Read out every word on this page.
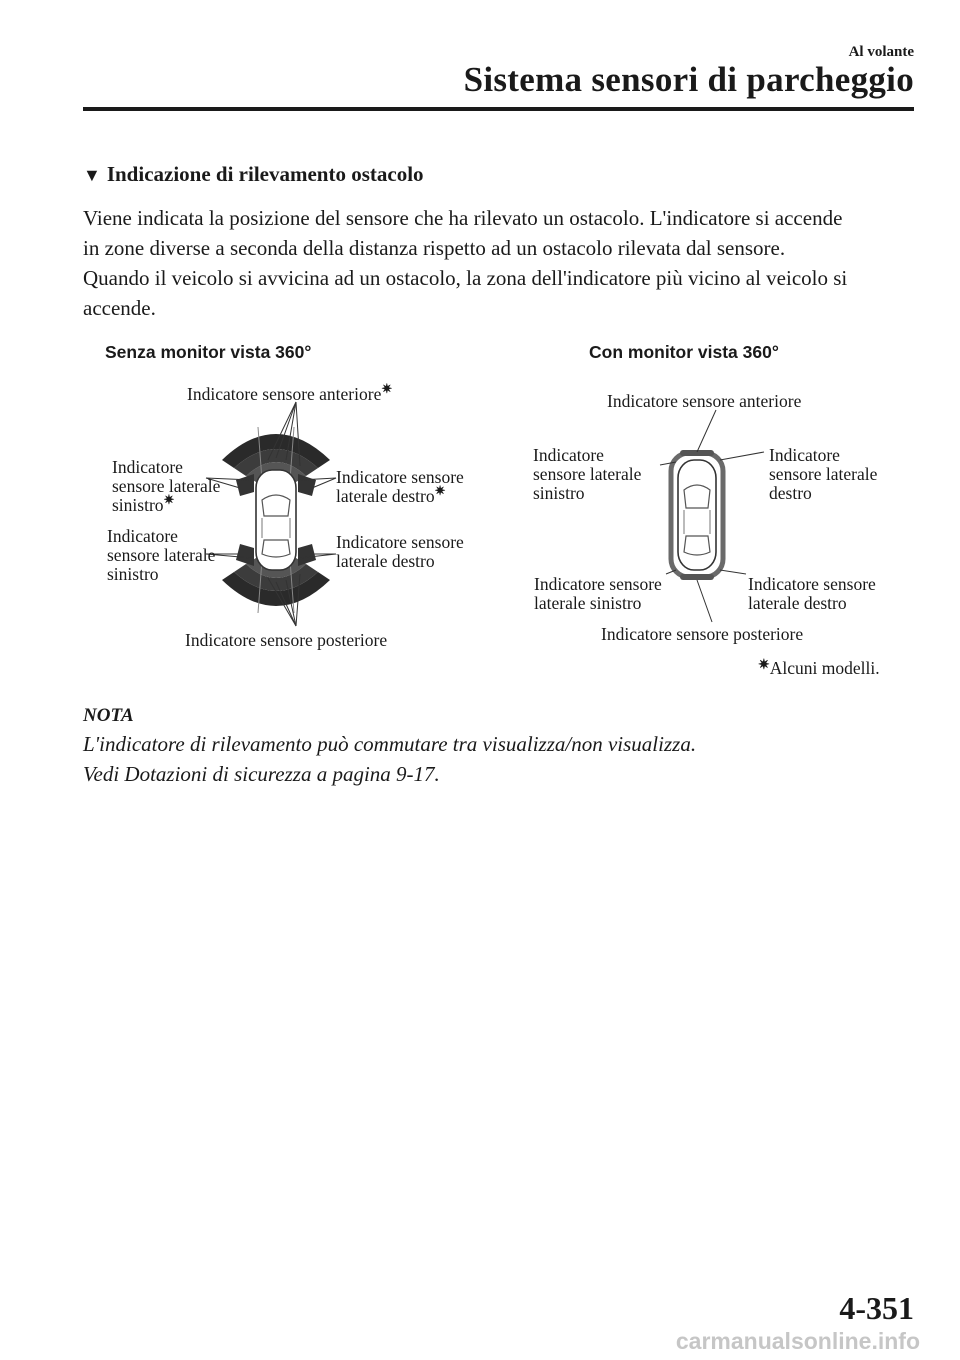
Al volante
Sistema sensori di parcheggio
▼ Indicazione di rilevamento ostacolo
Viene indicata la posizione del sensore che ha rilevato un ostacolo. L'indicatore si accende
in zone diverse a seconda della distanza rispetto ad un ostacolo rilevata dal sensore.
Quando il veicolo si avvicina ad un ostacolo, la zona dell'indicatore più vicino al veicolo si
accende.
Senza monitor vista 360°
Indicatore sensore anteriore✷
Indicatore sensore laterale sinistro✷
Indicatore sensore laterale sinistro
Indicatore sensore laterale destro✷
Indicatore sensore laterale destro
Indicatore sensore posteriore
Con monitor vista 360°
Indicatore sensore anteriore
Indicatore sensore laterale sinistro
Indicatore sensore laterale destro
Indicatore sensore laterale sinistro
Indicatore sensore laterale destro
Indicatore sensore posteriore
✷Alcuni modelli.
NOTA
L'indicatore di rilevamento può commutare tra visualizza/non visualizza.
Vedi Dotazioni di sicurezza a pagina 9-17.
4-351
carmanualsonline.info
